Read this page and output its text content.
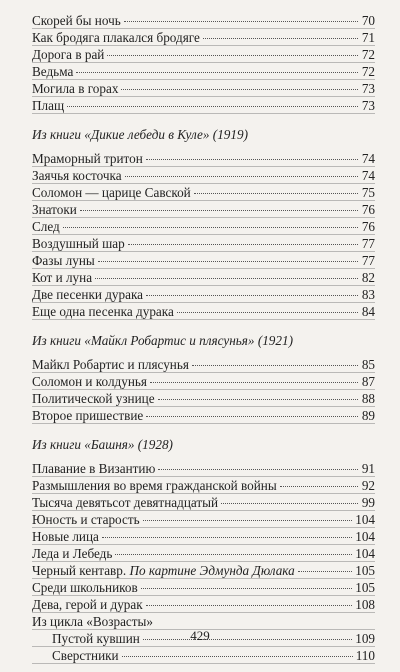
Скорей бы ночь	70
Как бродяга плакался бродяге	71
Дорога в рай	72
Ведьма	72
Могила в горах	73
Плащ	73
Из книги «Дикие лебеди в Куле» (1919)
Мраморный тритон	74
Заячья косточка	74
Соломон — царице Савской	75
Знатоки	76
След	76
Воздушный шар	77
Фазы луны	77
Кот и луна	82
Две песенки дурака	83
Еще одна песенка дурака	84
Из книги «Майкл Робартис и плясунья» (1921)
Майкл Робартис и плясунья	85
Соломон и колдунья	87
Политической узнице	88
Второе пришествие	89
Из книги «Башня» (1928)
Плавание в Византию	91
Размышления во время гражданской войны	92
Тысяча девятьсот девятнадцатый	99
Юность и старость	104
Новые лица	104
Леда и Лебедь	104
Черный кентавр. По картине Эдмунда Дюлака	105
Среди школьников	105
Дева, герой и дурак	108
Из цикла «Возрасты»
Пустой кувшин	109
Сверстники	110
429
